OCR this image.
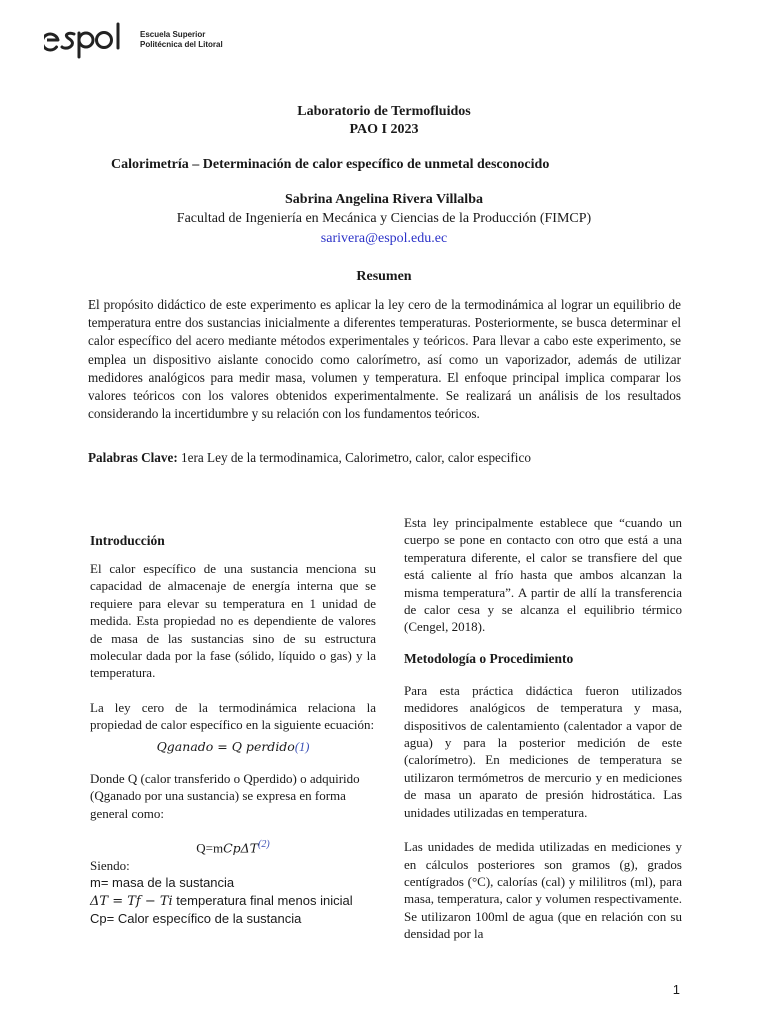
Escuela Superior
Politécnica del Litoral
Laboratorio de Termofluidos
PAO I 2023
Calorimetría – Determinación de calor específico de unmetal desconocido
Sabrina Angelina Rivera Villalba
Facultad de Ingeniería en Mecánica y Ciencias de la Producción (FIMCP)
sarivera@espol.edu.ec
Resumen

El propósito didáctico de este experimento es aplicar la ley cero de la termodinámica al lograr un equilibrio de temperatura entre dos sustancias inicialmente a diferentes temperaturas. Posteriormente, se busca determinar el calor específico del acero mediante métodos experimentales y teóricos. Para llevar a cabo este experimento, se emplea un dispositivo aislante conocido como calorímetro, así como un vaporizador, además de utilizar medidores analógicos para medir masa, volumen y temperatura. El enfoque principal implica comparar los valores teóricos con los valores obtenidos experimentalmente. Se realizará un análisis de los resultados considerando la incertidumbre y su relación con los fundamentos teóricos.

Palabras Clave: 1era Ley de la termodinamica, Calorimetro, calor, calor especifico
Introducción

El calor específico de una sustancia menciona su capacidad de almacenaje de energía interna que se requiere para elevar su temperatura en 1 unidad de medida. Esta propiedad no es dependiente de valores de masa de las sustancias sino de su estructura molecular dada por la fase (sólido, líquido o gas) y la temperatura.

La ley cero de la termodinámica relaciona la propiedad de calor específico en la siguiente ecuación:

Qganado = Q perdido(1)

Donde Q (calor transferido o Qperdido) o adquirido (Qganado por una sustancia) se expresa en forma general como:

Q=mCpΔT$^{(2)}$
Siendo:
m= masa de la sustancia
ΔT = Tf − Ti temperatura final menos inicial
Cp= Calor específico de la sustancia

Esta ley principalmente establece que “cuando un cuerpo se pone en contacto con otro que está a una temperatura diferente, el calor se transfiere del que está caliente al frío hasta que ambos alcanzan la misma temperatura”. A partir de allí la transferencia de calor cesa y se alcanza el equilibrio térmico (Cengel, 2018).

Metodología o Procedimiento

Para esta práctica didáctica fueron utilizados medidores analógicos de temperatura y masa, dispositivos de calentamiento (calentador a vapor de agua) y para la posterior medición de este (calorímetro). En mediciones de temperatura se utilizaron termómetros de mercurio y en mediciones de masa un aparato de presión hidrostática. Las unidades utilizadas en temperatura.

Las unidades de medida utilizadas en mediciones y en cálculos posteriores son gramos (g), grados centígrados (°C), calorías (cal) y mililitros (ml), para masa, temperatura, calor y volumen respectivamente. Se utilizaron 100ml de agua (que en relación con su densidad por la

1
